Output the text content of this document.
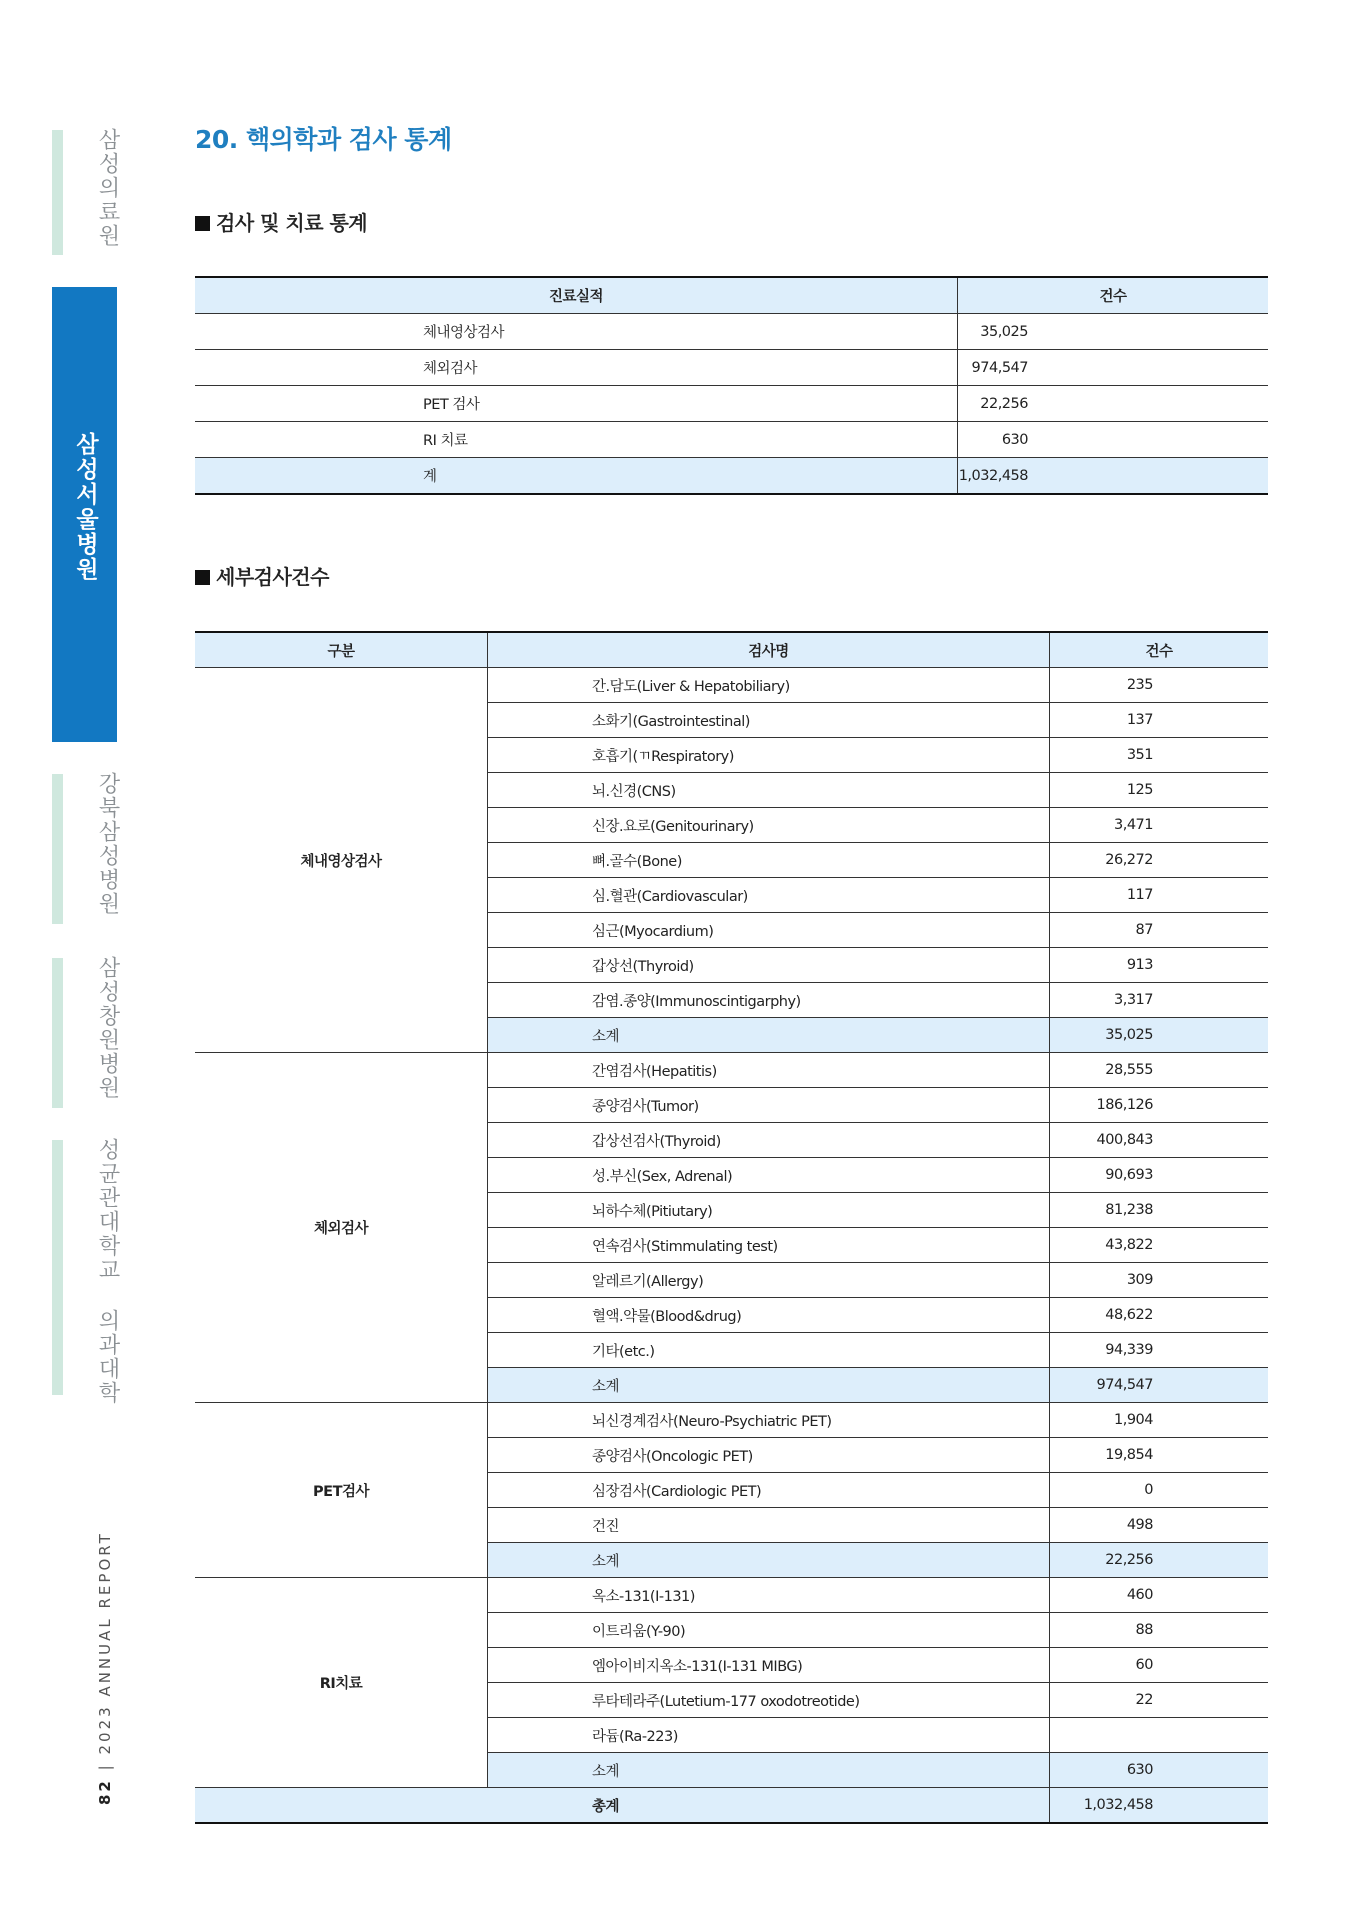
삼성의료원
삼성서울병원
강북삼성병원
삼성창원병원
성균관대학교 의과대학
82 | 2023 ANNUAL REPORT
20. 핵의학과 검사 통계
검사 및 치료 통계
진료실적	건수
체내영상검사	35,025
체외검사	974,547
PET 검사	22,256
RI 치료	630
계	1,032,458
세부검사건수
구분	검사명	건수
체내영상검사	간.담도(Liver & Hepatobiliary)	235
	소화기(Gastrointestinal)	137
	호흡기(ㄲRespiratory)	351
	뇌.신경(CNS)	125
	신장.요로(Genitourinary)	3,471
	뼈.골수(Bone)	26,272
	심.혈관(Cardiovascular)	117
	심근(Myocardium)	87
	갑상선(Thyroid)	913
	감염.종양(Immunoscintigarphy)	3,317
	소계	35,025
체외검사	간염검사(Hepatitis)	28,555
	종양검사(Tumor)	186,126
	갑상선검사(Thyroid)	400,843
	성.부신(Sex, Adrenal)	90,693
	뇌하수체(Pitiutary)	81,238
	연속검사(Stimmulating test)	43,822
	알레르기(Allergy)	309
	혈액.약물(Blood&drug)	48,622
	기타(etc.)	94,339
	소계	974,547
PET검사	뇌신경계검사(Neuro-Psychiatric PET)	1,904
	종양검사(Oncologic PET)	19,854
	심장검사(Cardiologic PET)	0
	건진	498
	소계	22,256
RI치료	옥소-131(I-131)	460
	이트리움(Y-90)	88
	엠아이비지옥소-131(I-131 MIBG)	60
	루타테라주(Lutetium-177 oxodotreotide)	22
	라듐(Ra-223)	
	소계	630
총계		1,032,458
